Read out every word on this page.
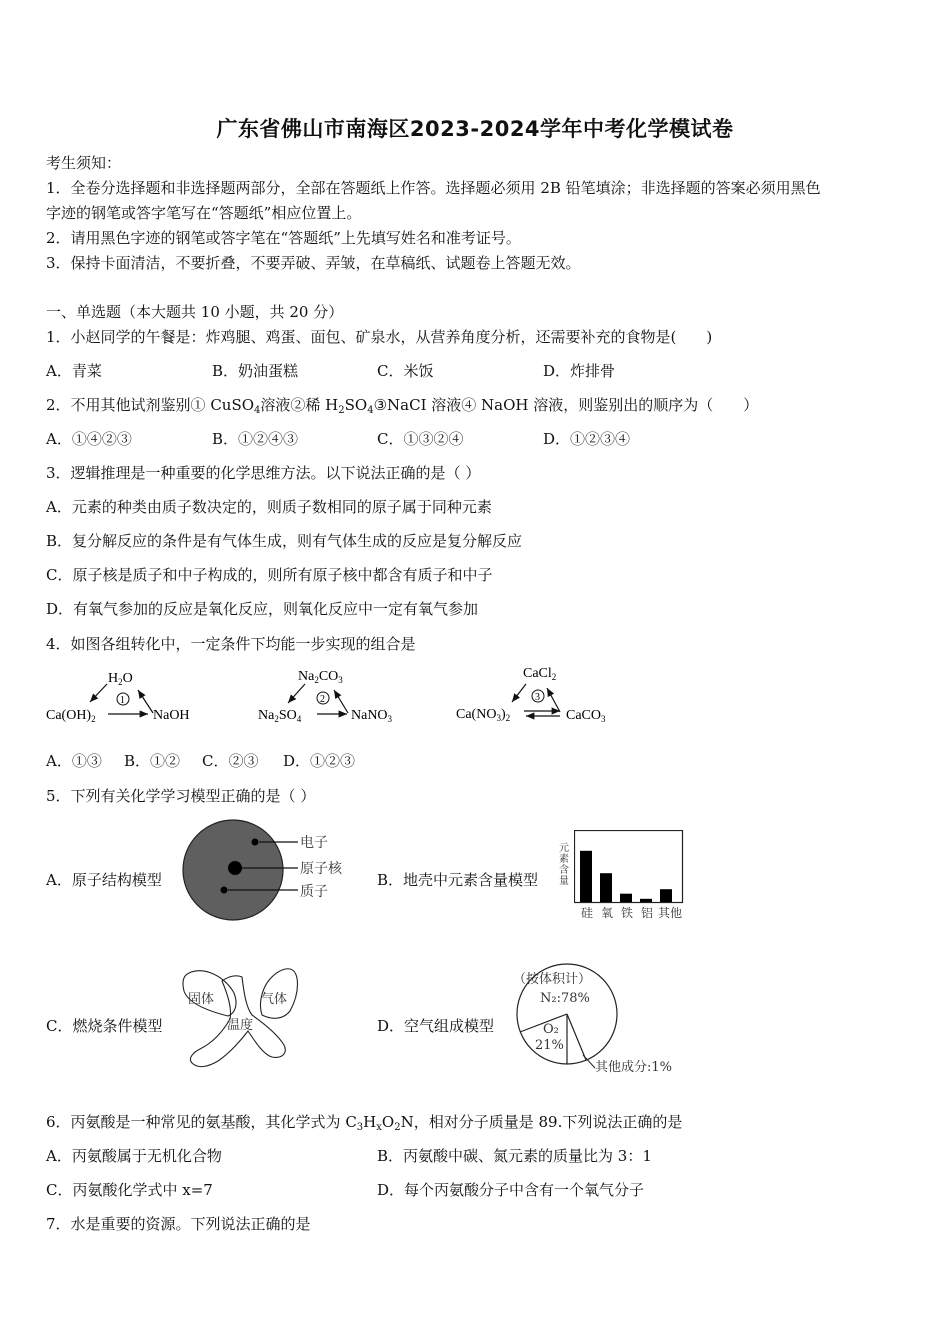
广东省佛山市南海区2023-2024学年中考化学模试卷
考生须知：
1．全卷分选择题和非选择题两部分，全部在答题纸上作答。选择题必须用 2B 铅笔填涂；非选择题的答案必须用黑色
字迹的钢笔或答字笔写在“答题纸”相应位置上。
2．请用黑色字迹的钢笔或答字笔在“答题纸”上先填写姓名和准考证号。
3．保持卡面清洁，不要折叠，不要弄破、弄皱，在草稿纸、试题卷上答题无效。
一、单选题（本大题共 10 小题，共 20 分）
1．小赵同学的午餐是：炸鸡腿、鸡蛋、面包、矿泉水，从营养角度分析，还需要补充的食物是(　　)
A．青菜	B．奶油蛋糕	C．米饭	D．炸排骨
2．不用其他试剂鉴别① CuSO$_4$溶液②稀 $H_2SO_4③NaCI$ 溶液④ NaOH 溶液，则鉴别出的顺序为（　　）
A．①④②③	B．①②④③	C．①③②④	D．①②③④
3．逻辑推理是一种重要的化学思维方法。以下说法正确的是（ ）
A．元素的种类由质子数决定的，则质子数相同的原子属于同种元素
B．复分解反应的条件是有气体生成，则有气体生成的反应是复分解反应
C．原子核是质子和中子构成的，则所有原子核中都含有质子和中子
D．有氧气参加的反应是氧化反应，则氧化反应中一定有氧气参加
4．如图各组转化中，一定条件下均能一步实现的组合是
$H_2O$
1
$Ca(OH)_2$	NaOH
$Na_2CO_3$
2
$Na_2SO_4$	NaNO$_3$
CaCl$_2$
3
$Ca(NO_3)_2$	CaCO$_3$
A．①③ B．①② C．②③ D．①②③
5．下列有关化学学习模型正确的是（ ）
A．原子结构模型
电子
原子核
质子
B．地壳中元素含量模型
元素含量
硅 氧 铁 铝 其他
C．燃烧条件模型
固体	气体
温度	D．空气组成模型
（按体积计）
N₂:78%
O₂
21%
其他成分:1%
6．丙氨酸是一种常见的氨基酸，其化学式为 $C_3H_xO_2N$，相对分子质量是 89.下列说法正确的是
A．丙氨酸属于无机化合物	B．丙氨酸中碳、氮元素的质量比为 3：1
C．丙氨酸化学式中 x=7	D．每个丙氨酸分子中含有一个氧气分子
7．水是重要的资源。下列说法正确的是
